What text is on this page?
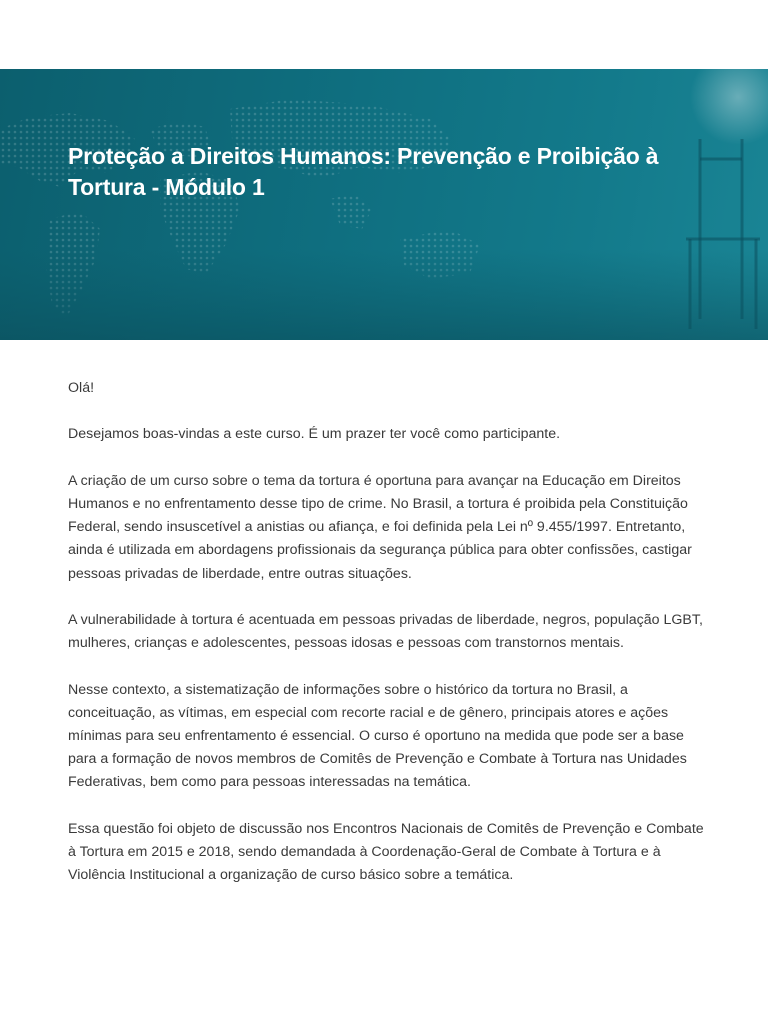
Proteção a Direitos Humanos: Prevenção e Proibição à Tortura - Módulo 1

Olá!

Desejamos boas-vindas a este curso. É um prazer ter você como participante.

A criação de um curso sobre o tema da tortura é oportuna para avançar na Educação em Direitos Humanos e no enfrentamento desse tipo de crime. No Brasil, a tortura é proibida pela Constituição Federal, sendo insuscetível a anistias ou afiança, e foi definida pela Lei nº 9.455/1997. Entretanto, ainda é utilizada em abordagens profissionais da segurança pública para obter confissões, castigar pessoas privadas de liberdade, entre outras situações.

A vulnerabilidade à tortura é acentuada em pessoas privadas de liberdade, negros, população LGBT, mulheres, crianças e adolescentes, pessoas idosas e pessoas com transtornos mentais.

Nesse contexto, a sistematização de informações sobre o histórico da tortura no Brasil, a conceituação, as vítimas, em especial com recorte racial e de gênero, principais atores e ações mínimas para seu enfrentamento é essencial. O curso é oportuno na medida que pode ser a base para a formação de novos membros de Comitês de Prevenção e Combate à Tortura nas Unidades Federativas, bem como para pessoas interessadas na temática.

Essa questão foi objeto de discussão nos Encontros Nacionais de Comitês de Prevenção e Combate à Tortura em 2015 e 2018, sendo demandada à Coordenação-Geral de Combate à Tortura e à Violência Institucional a organização de curso básico sobre a temática.
